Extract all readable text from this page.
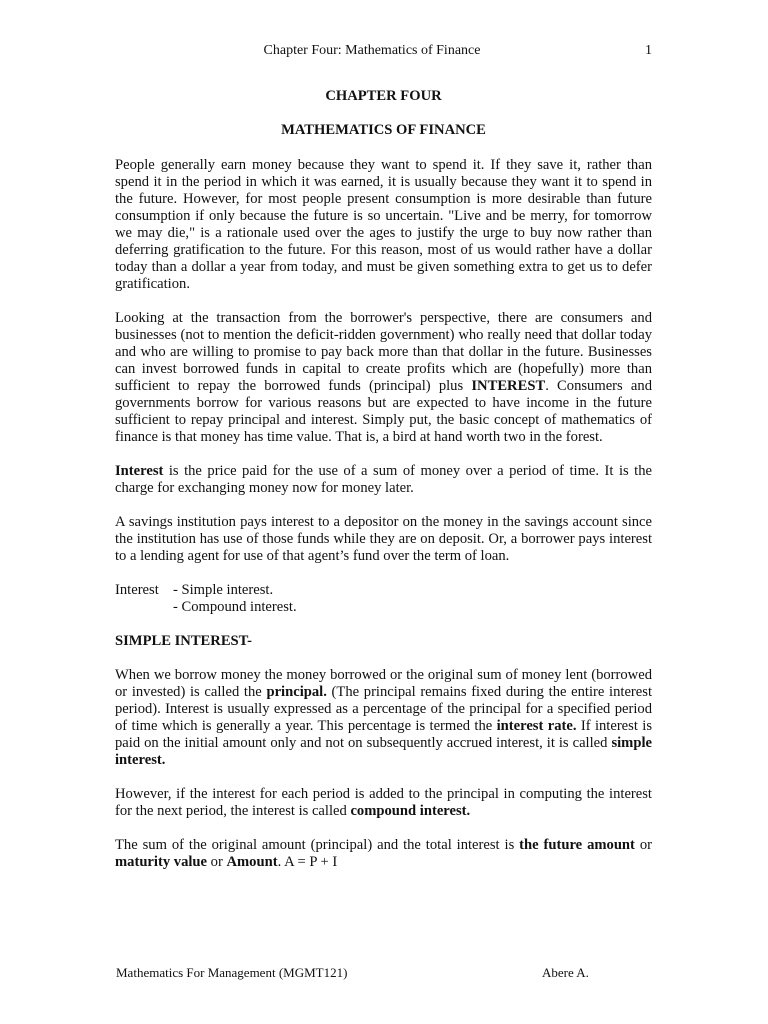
Chapter Four: Mathematics of Finance	1
CHAPTER FOUR
MATHEMATICS OF FINANCE

People generally earn money because they want to spend it. If they save it, rather than spend it in the period in which it was earned, it is usually because they want it to spend in the future. However, for most people present consumption is more desirable than future consumption if only because the future is so uncertain. "Live and be merry, for tomorrow we may die," is a rationale used over the ages to justify the urge to buy now rather than deferring gratification to the future. For this reason, most of us would rather have a dollar today than a dollar a year from today, and must be given something extra to get us to defer gratification.

Looking at the transaction from the borrower's perspective, there are consumers and businesses (not to mention the deficit-ridden government) who really need that dollar today and who are willing to promise to pay back more than that dollar in the future. Businesses can invest borrowed funds in capital to create profits which are (hopefully) more than sufficient to repay the borrowed funds (principal) plus INTEREST. Consumers and governments borrow for various reasons but are expected to have income in the future sufficient to repay principal and interest. Simply put, the basic concept of mathematics of finance is that money has time value. That is, a bird at hand worth two in the forest.

Interest is the price paid for the use of a sum of money over a period of time. It is the charge for exchanging money now for money later.

A savings institution pays interest to a depositor on the money in the savings account since the institution has use of those funds while they are on deposit. Or, a borrower pays interest to a lending agent for use of that agent’s fund over the term of loan.

Interest - Simple interest.
- Compound interest.
SIMPLE INTEREST-

When we borrow money the money borrowed or the original sum of money lent (borrowed or invested) is called the principal. (The principal remains fixed during the entire interest period). Interest is usually expressed as a percentage of the principal for a specified period of time which is generally a year. This percentage is termed the interest rate. If interest is paid on the initial amount only and not on subsequently accrued interest, it is called simple interest.

However, if the interest for each period is added to the principal in computing the interest for the next period, the interest is called compound interest.

The sum of the original amount (principal) and the total interest is the future amount or maturity value or Amount. A = P + I

Mathematics For Management (MGMT121)	Abere A.
